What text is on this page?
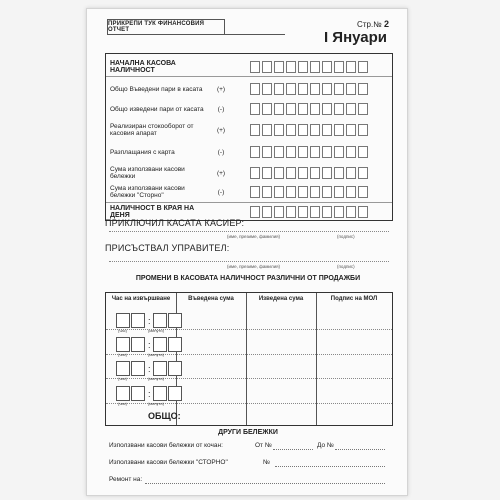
ПРИКРЕПИ ТУК ФИНАНСОВИЯ ОТЧЕТ
Стр.№ 2
I Януари
НАЧАЛНА КАСОВА НАЛИЧНОСТ
Общо Въведени пари в касата	(+)
Общо изведени пари от касата	(-)
Реализиран стокооборот от касовия апарат	(+)
Разплащания с карта	(-)
Сума използвани касови бележки	(+)
Сума използвани касови бележки "Сторно"	(-)
НАЛИЧНОСТ В КРАЯ НА ДЕНЯ
ПРИКЛЮЧИЛ КАСАТА КАСИЕР:
(име, презиме, фамилия)	(подпис)
ПРИСЪСТВАЛ УПРАВИТЕЛ:
(име, презиме, фамилия)	(подпис)
ПРОМЕНИ В КАСОВАТА НАЛИЧНОСТ РАЗЛИЧНИ ОТ ПРОДАЖБИ
Час на извършване	Въведена сума	Изведена сума	Подпис на МОЛ
:
(час)	(минути)
:
(час)	(минути)
:
(час)	(минути)
:
(час)	(минути)
ОБЩО:
ДРУГИ БЕЛЕЖКИ
Използвани касови бележки от кочан:	От №	До №
Използвани касови бележки "СТОРНО"	№
Ремонт на:
